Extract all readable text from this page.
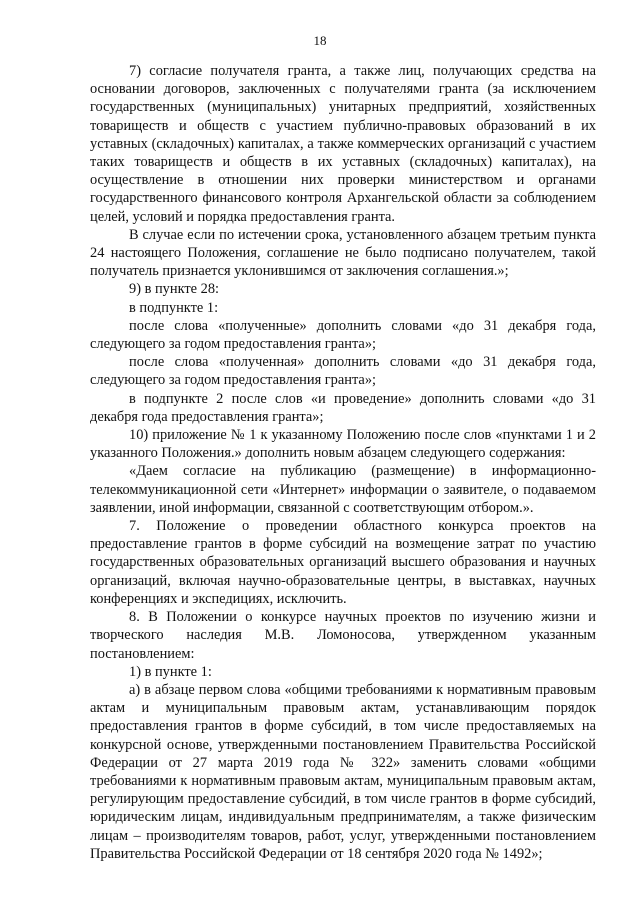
18

7) согласие получателя гранта, а также лиц, получающих средства на основании договоров, заключенных с получателями гранта (за исключением государственных (муниципальных) унитарных предприятий, хозяйственных товариществ и обществ с участием публично-правовых образований в их уставных (складочных) капиталах, а также коммерческих организаций с участием таких товариществ и обществ в их уставных (складочных) капиталах), на осуществление в отношении них проверки министерством и органами государственного финансового контроля Архангельской области за соблюдением целей, условий и порядка предоставления гранта.

В случае если по истечении срока, установленного абзацем третьим пункта 24 настоящего Положения, соглашение не было подписано получателем, такой получатель признается уклонившимся от заключения соглашения.»;

9) в пункте 28:

в подпункте 1:

после слова «полученные» дополнить словами «до 31 декабря года, следующего за годом предоставления гранта»;

после слова «полученная» дополнить словами «до 31 декабря года, следующего за годом предоставления гранта»;

в подпункте 2 после слов «и проведение» дополнить словами «до 31 декабря года предоставления гранта»;

10) приложение № 1 к указанному Положению после слов «пунктами 1 и 2 указанного Положения.» дополнить новым абзацем следующего содержания:

«Даем согласие на публикацию (размещение) в информационно-телекоммуникационной сети «Интернет» информации о заявителе, о подаваемом заявлении, иной информации, связанной с соответствующим отбором.».

7. Положение о проведении областного конкурса проектов на предоставление грантов в форме субсидий на возмещение затрат по участию государственных образовательных организаций высшего образования и научных организаций, включая научно-образовательные центры, в выставках, научных конференциях и экспедициях, исключить.

8. В Положении о конкурсе научных проектов по изучению жизни и творческого наследия М.В. Ломоносова, утвержденном указанным постановлением:

1) в пункте 1:

а) в абзаце первом слова «общими требованиями к нормативным правовым актам и муниципальным правовым актам, устанавливающим порядок предоставления грантов в форме субсидий, в том числе предоставляемых на конкурсной основе, утвержденными постановлением Правительства Российской Федерации от 27 марта 2019 года № 322» заменить словами «общими требованиями к нормативным правовым актам, муниципальным правовым актам, регулирующим предоставление субсидий, в том числе грантов в форме субсидий, юридическим лицам, индивидуальным предпринимателям, а также физическим лицам – производителям товаров, работ, услуг, утвержденными постановлением Правительства Российской Федерации от 18 сентября 2020 года № 1492»;
